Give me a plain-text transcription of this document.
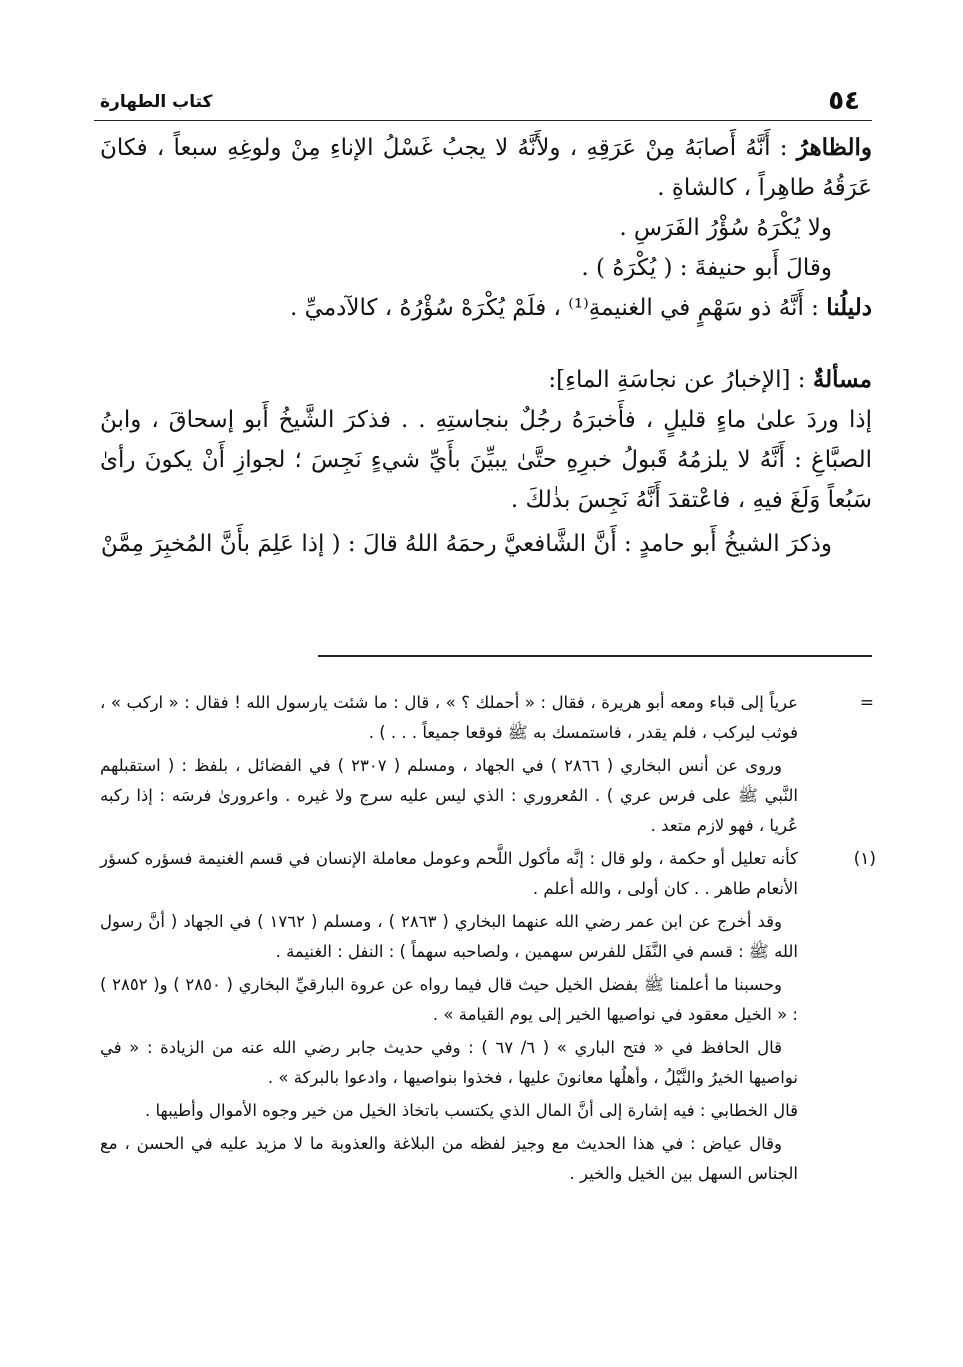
٥٤
كتاب الطهارة

والظاهرُ : أَنَّهُ أَصابَهُ مِنْ عَرَقِهِ ، ولأَنَّهُ لا يجبُ غَسْلُ الإناءِ مِنْ ولوغِهِ سبعاً ، فكانَ عَرَقُهُ طاهِراً ، كالشاةِ .

ولا يُكْرَهُ سُؤْرُ الفَرَسِ .

وقالَ أَبو حنيفةَ : ( يُكْرَهُ ) .

دليلُنا : أَنَّهُ ذو سَهْمٍ في الغنيمةِ⁽¹⁾ ، فلَمْ يُكْرَهْ سُؤْرُهُ ، كالآدميِّ .

مسألةٌ : [الإخبارُ عن نجاسَةِ الماءِ]:

إذا وردَ علىٰ ماءٍ قليلٍ ، فأَخبرَهُ رجُلٌ بنجاستِهِ . . فذكرَ الشَّيخُ أَبو إسحاقَ ، وابنُ الصبَّاغِ : أَنَّهُ لا يلزمُهُ قَبولُ خبرِهِ حتَّىٰ يبيِّنَ بأَيِّ شيءٍ نَجِسَ ؛ لجوازِ أَنْ يكونَ رأىٰ سَبُعاً وَلَغَ فيهِ ، فاعْتقدَ أَنَّهُ نَجِسَ بذٰلكَ .

وذكرَ الشيخُ أَبو حامدٍ : أَنَّ الشَّافعيَّ رحمَهُ اللهُ قالَ : ( إذا عَلِمَ بأَنَّ المُخبِرَ مِمَّنْ

=

عرياً إلى قباء ومعه أبو هريرة ، فقال : « أحملك ؟ » ، قال : ما شئت يارسول الله ! فقال : « اركب » ، فوثب ليركب ، فلم يقدر ، فاستمسك به ﷺ فوقعا جميعاً . . . ) .

وروى عن أنس البخاري ( ٢٨٦٦ ) في الجهاد ، ومسلم ( ٢٣٠٧ ) في الفضائل ، بلفظ : ( استقبلهم النَّبي ﷺ على فرس عري ) . المُعروري : الذي ليس عليه سرج ولا غيره . واعروریٰ فرسَه : إذا ركبه عُريا ، فهو لازم متعد .

(١)

كأنه تعليل أو حكمة ، ولو قال : إنَّه مأكول اللَّحم وعومل معاملة الإنسان في قسم الغنيمة فسؤره كسؤر الأنعام طاهر . . كان أولى ، والله أعلم .

وقد أخرج عن ابن عمر رضي الله عنهما البخاري ( ٢٨٦٣ ) ، ومسلم ( ١٧٦٢ ) في الجهاد ( أنَّ رسول الله ﷺ : قسم في النَّفَل للفرس سهمين ، ولصاحبه سهماً ) : النفل : الغنيمة .

وحسبنا ما أعلمنا ﷺ بفضل الخيل حيث قال فيما رواه عن عروة البارقيِّ البخاري ( ٢٨٥٠ ) و( ٢٨٥٢ ) : « الخيل معقود في نواصيها الخير إلى يوم القيامة » .

قال الحافظ في « فتح الباري » ( ٦/ ٦٧ ) : وفي حديث جابر رضي الله عنه من الزيادة : « في نواصيها الخيرُ والنَّيْلُ ، وأهلُها معانونَ عليها ، فخذوا بنواصيها ، وادعوا بالبركة » .

قال الخطابي : فيه إشارة إلى أنَّ المال الذي يكتسب باتخاذ الخيل من خير وجوه الأموال وأطيبها .

وقال عياض : في هذا الحديث مع وجيز لفظه من البلاغة والعذوبة ما لا مزيد عليه في الحسن ، مع الجناس السهل بين الخيل والخير .
